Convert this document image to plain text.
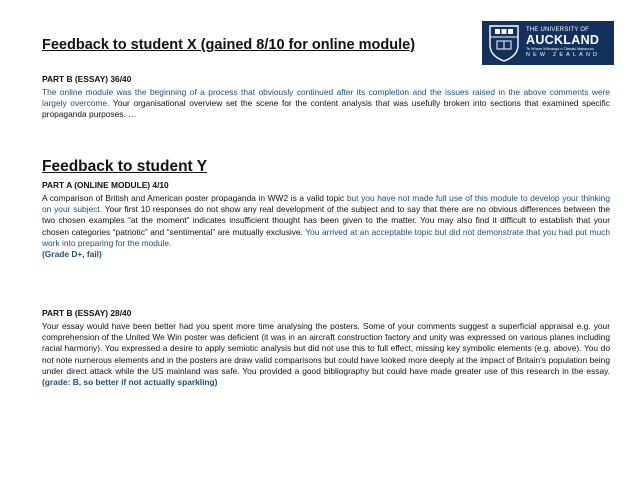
THE UNIVERSITY OF
AUCKLAND
Te Whare Wānanga o Tāmaki Makaurau
NEW ZEALAND
Feedback to student X (gained 8/10 for online module)
PART B (ESSAY) 36/40
The online module was the beginning of a process that obviously continued after its completion and the issues raised in the above comments were largely overcome. Your organisational overview set the scene for the content analysis that was usefully broken into sections that examined specific propaganda purposes. …
Feedback to student Y
PART A (ONLINE MODULE) 4/10
A comparison of British and American poster propaganda in WW2 is a valid topic but you have not made full use of this module to develop your thinking on your subject. Your first 10 responses do not show any real development of the subject and to say that there are no obvious differences between the two chosen examples “at the moment” indicates insufficient thought has been given to the matter. You may also find it difficult to establish that your chosen categories “patriotic” and “sentimental” are mutually exclusive. You arrived at an acceptable topic but did not demonstrate that you had put much work into preparing for the module.
(Grade D+, fail)
PART B (ESSAY) 28/40
Your essay would have been better had you spent more time analysing the posters. Some of your comments suggest a superficial appraisal e.g. your comprehension of the United We Win poster was deficient (it was in an aircraft construction factory and unity was expressed on various planes including racial harmony). You expressed a desire to apply semiotic analysis but did not use this to full effect, missing key symbolic elements (e.g. above). You do not note numerous elements and in the posters are draw valid comparisons but could have looked more deeply at the impact of Britain’s population being under direct attack while the US mainland was safe. You provided a good bibliography but could have made greater use of this research in the essay. (grade: B, so better if not actually sparkling)
